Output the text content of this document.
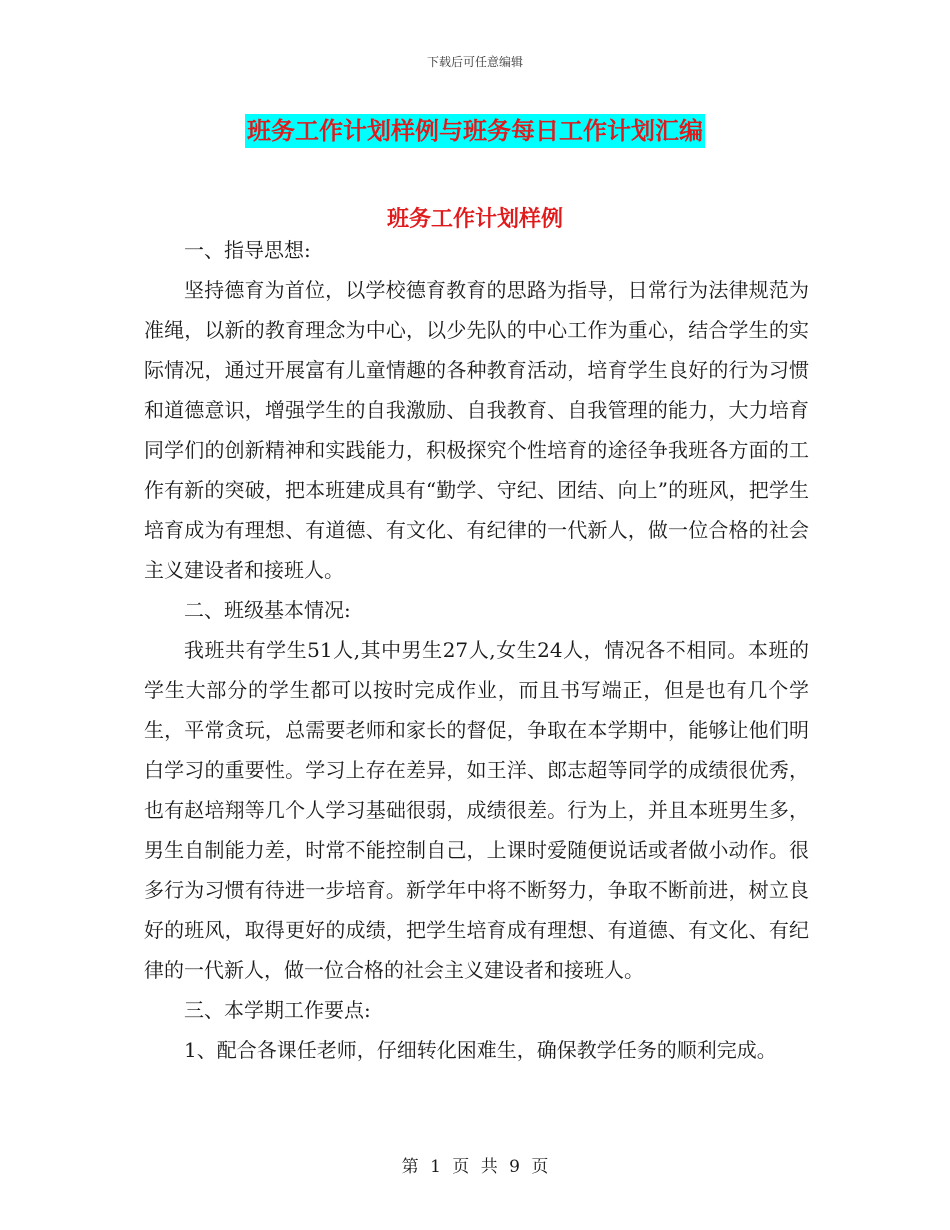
下载后可任意编辑
班务工作计划样例与班务每日工作计划汇编
班务工作计划样例

一、指导思想:

坚持德育为首位，以学校德育教育的思路为指导，日常行为法律规范为准绳，以新的教育理念为中心，以少先队的中心工作为重心，结合学生的实际情况，通过开展富有儿童情趣的各种教育活动，培育学生良好的行为习惯和道德意识，增强学生的自我激励、自我教育、自我管理的能力，大力培育同学们的创新精神和实践能力，积极探究个性培育的途径争我班各方面的工作有新的突破，把本班建成具有“勤学、守纪、团结、向上”的班风，把学生培育成为有理想、有道德、有文化、有纪律的一代新人，做一位合格的社会主义建设者和接班人。

二、班级基本情况:

我班共有学生51人,其中男生27人,女生24人，情况各不相同。本班的学生大部分的学生都可以按时完成作业，而且书写端正，但是也有几个学生，平常贪玩，总需要老师和家长的督促，争取在本学期中，能够让他们明白学习的重要性。学习上存在差异，如王洋、郎志超等同学的成绩很优秀，也有赵培翔等几个人学习基础很弱，成绩很差。行为上，并且本班男生多，男生自制能力差，时常不能控制自己，上课时爱随便说话或者做小动作。很多行为习惯有待进一步培育。新学年中将不断努力，争取不断前进，树立良好的班风，取得更好的成绩，把学生培育成有理想、有道德、有文化、有纪律的一代新人，做一位合格的社会主义建设者和接班人。

三、本学期工作要点:

1、配合各课任老师，仔细转化困难生，确保教学任务的顺利完成。

第 1 页 共 9 页
